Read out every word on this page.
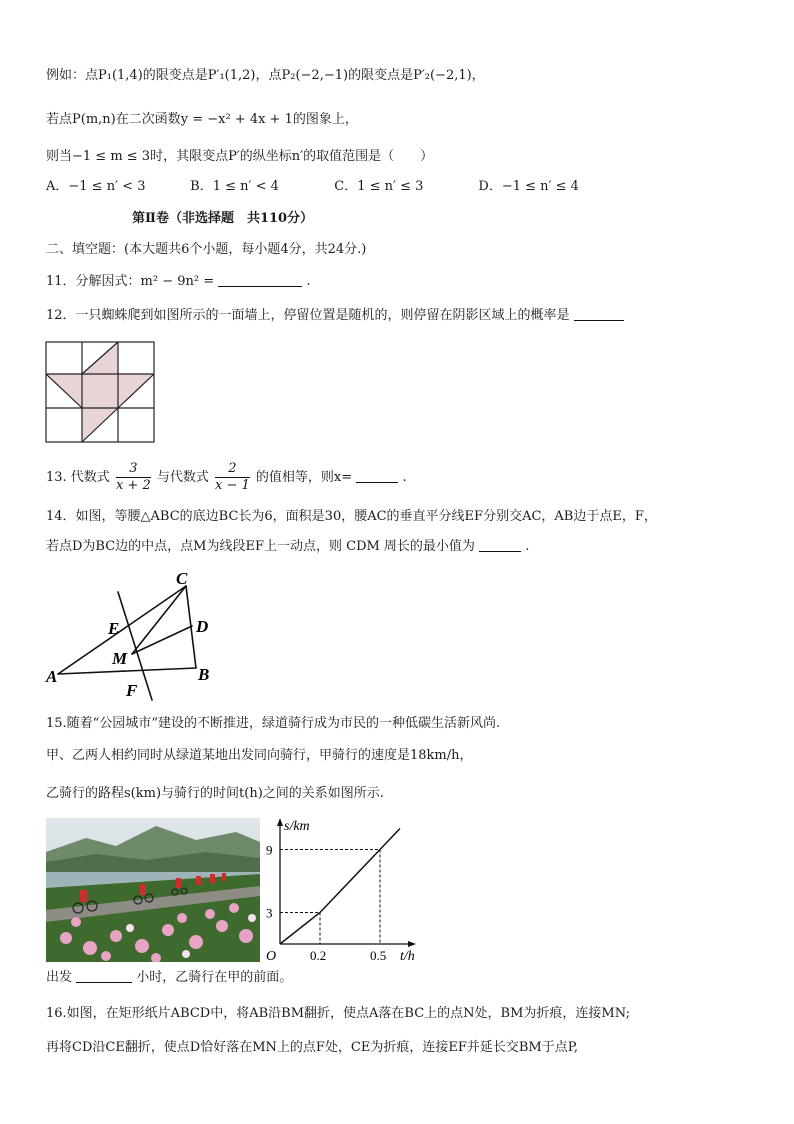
例如：点P₁(1,4)的限变点是P′₁(1,2)，点P₂(−2,−1)的限变点是P′₂(−2,1)，
若点P(m,n)在二次函数y = −x² + 4x + 1的图象上，
则当−1 ≤ m ≤ 3时，其限变点P′的纵坐标n′的取值范围是（　　）
A．−1 ≤ n′ < 3	B．1 ≤ n′ < 4	C．1 ≤ n′ ≤ 3	D．−1 ≤ n′ ≤ 4
第Ⅱ卷（非选择题　共110分）
二、填空题：(本大题共6个小题，每小题4分，共24分.)
11．分解因式：m² − 9n² =	.
12．一只蜘蛛爬到如图所示的一面墙上，停留位置是随机的，则停留在阴影区域上的概率是
13. 代数式 $\frac{3}{x + 2}$ 与代数式 $\frac{2}{x - 1}$ 的值相等，则x=	.
14．如图，等腰△ABC的底边BC长为6，面积是30，腰AC的垂直平分线EF分别交AC，AB边于点E，F，
若点D为BC边的中点，点M为线段EF上一动点，则 CDM 周长的最小值为	.
C
E	D
M
A	B
F
15.随着“公园城市”建设的不断推进，绿道骑行成为市民的一种低碳生活新风尚.
甲、乙两人相约同时从绿道某地出发同向骑行，甲骑行的速度是18km/h，
乙骑行的路程s(km)与骑行的时间t(h)之间的关系如图所示.
s/km
t/h
O
3
9
0.2	0.5
出发	小时，乙骑行在甲的前面。
16.如图，在矩形纸片ABCD中，将AB沿BM翻折，使点A落在BC上的点N处，BM为折痕，连接MN;
再将CD沿CE翻折，使点D恰好落在MN上的点F处，CE为折痕，连接EF并延长交BM于点P,
